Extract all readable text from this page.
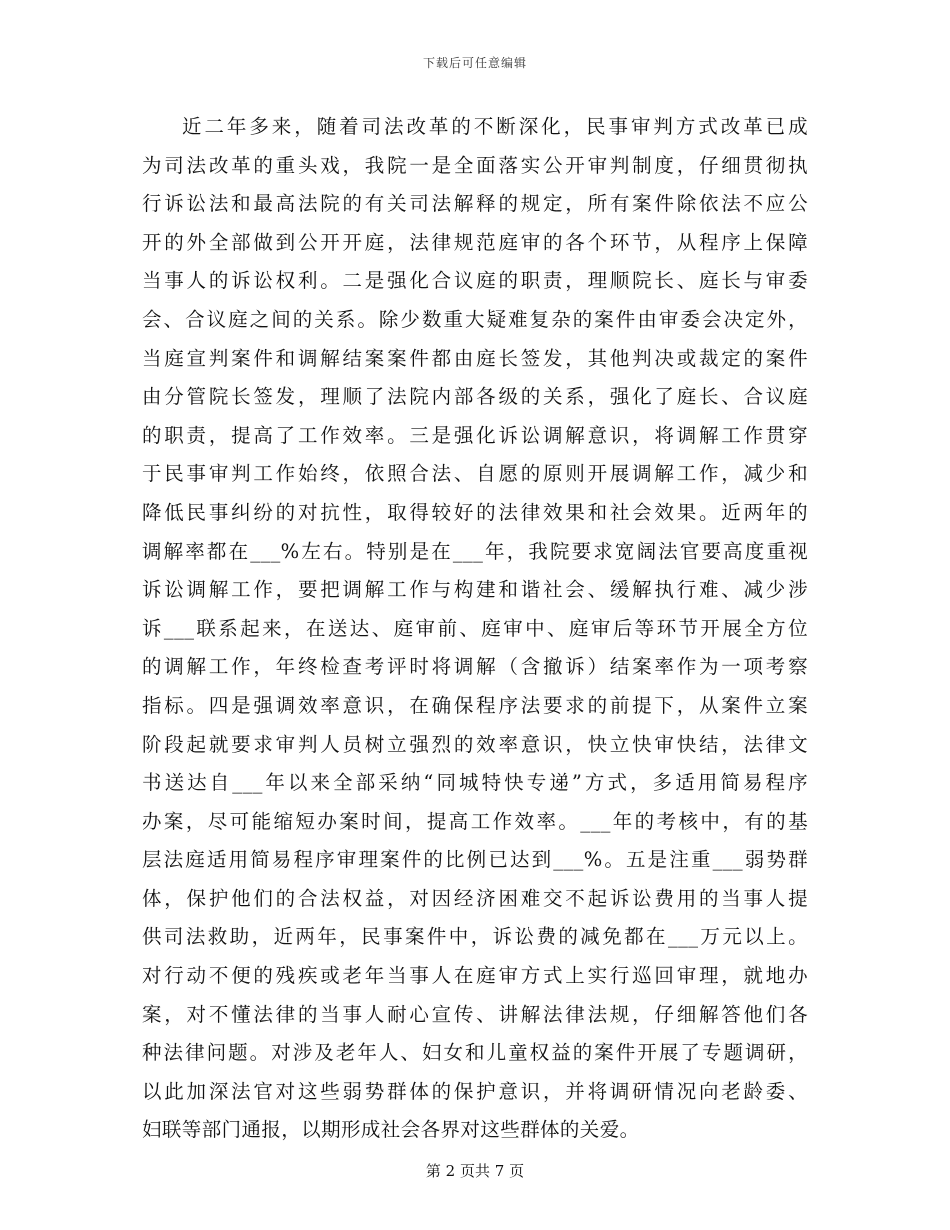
下载后可任意编辑
近二年多来，随着司法改革的不断深化，民事审判方式改革已成
为司法改革的重头戏，我院一是全面落实公开审判制度，仔细贯彻执
行诉讼法和最高法院的有关司法解释的规定，所有案件除依法不应公
开的外全部做到公开开庭，法律规范庭审的各个环节，从程序上保障
当事人的诉讼权利。二是强化合议庭的职责，理顺院长、庭长与审委
会、合议庭之间的关系。除少数重大疑难复杂的案件由审委会决定外，
当庭宣判案件和调解结案案件都由庭长签发，其他判决或裁定的案件
由分管院长签发，理顺了法院内部各级的关系，强化了庭长、合议庭
的职责，提高了工作效率。三是强化诉讼调解意识，将调解工作贯穿
于民事审判工作始终，依照合法、自愿的原则开展调解工作，减少和
降低民事纠纷的对抗性，取得较好的法律效果和社会效果。近两年的
调解率都在___%左右。特别是在___年，我院要求宽阔法官要高度重视
诉讼调解工作，要把调解工作与构建和谐社会、缓解执行难、减少涉
诉___联系起来，在送达、庭审前、庭审中、庭审后等环节开展全方位
的调解工作，年终检查考评时将调解（含撤诉）结案率作为一项考察
指标。四是强调效率意识，在确保程序法要求的前提下，从案件立案
阶段起就要求审判人员树立强烈的效率意识，快立快审快结，法律文
书送达自___年以来全部采纳“同城特快专递”方式，多适用简易程序
办案，尽可能缩短办案时间，提高工作效率。___年的考核中，有的基
层法庭适用简易程序审理案件的比例已达到___%。五是注重___弱势群
体，保护他们的合法权益，对因经济困难交不起诉讼费用的当事人提
供司法救助，近两年，民事案件中，诉讼费的减免都在___万元以上。
对行动不便的残疾或老年当事人在庭审方式上实行巡回审理，就地办
案，对不懂法律的当事人耐心宣传、讲解法律法规，仔细解答他们各
种法律问题。对涉及老年人、妇女和儿童权益的案件开展了专题调研，
以此加深法官对这些弱势群体的保护意识，并将调研情况向老龄委、
妇联等部门通报，以期形成社会各界对这些群体的关爱。
第 2 页共 7 页
